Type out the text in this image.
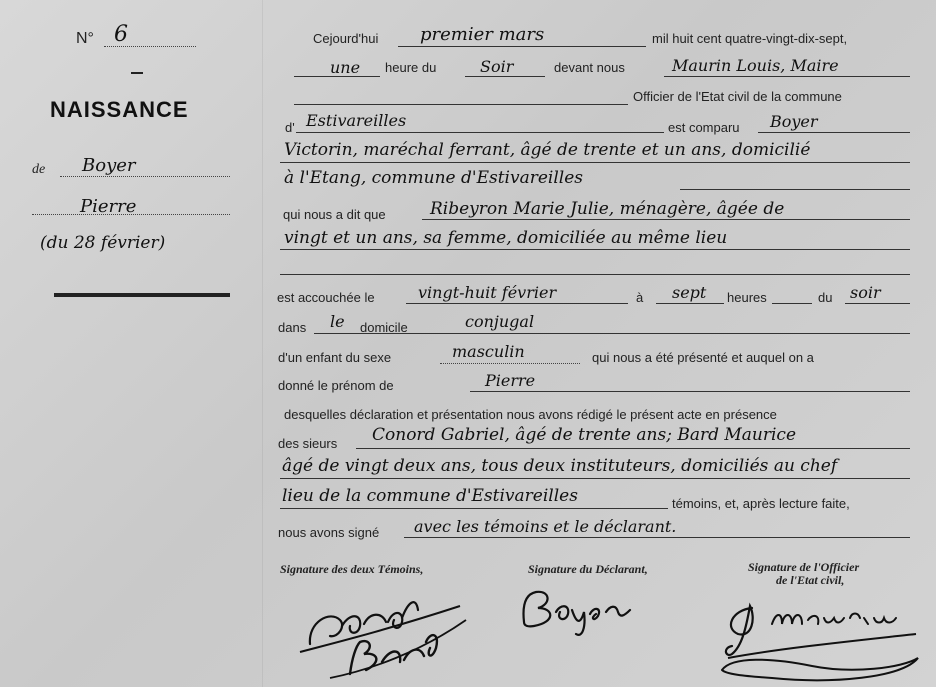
N° 6
NAISSANCE
de Boyer
Pierre
(du 28 février)
Cejourd'hui premier mars	mil huit cent quatre-vingt-dix-sept,
une heure du	Soir	devant nous	Maurin Louis, Maire
Officier de l'Etat civil de la commune
d' Estivareilles	est comparu Boyer
Victorin, maréchal ferrant, âgé de trente et un ans, domicilié
à l'Etang, commune d'Estivareilles
qui nous a dit que	Ribeyron Marie Julie, ménagère, âgée de
vingt et un ans, sa femme, domiciliée au même lieu
est accouchée le	vingt-huit février	à sept heures	du soir
dans le domicile	conjugal
d'un enfant du sexe	masculin	qui nous a été présenté et auquel on a
donné le prénom de	Pierre
desquelles déclaration et présentation nous avons rédigé le présent acte en présence
des sieurs Conord Gabriel, âgé de trente ans; Bard Maurice
âgé de vingt deux ans, tous deux instituteurs, domiciliés au chef
lieu de la commune d'Estivareilles	témoins, et, après lecture faite,
nous avons signé avec les témoins et le déclarant.
Signature des deux Témoins,	Signature du Déclarant,	Signature de l'Officier
de l'Etat civil,
